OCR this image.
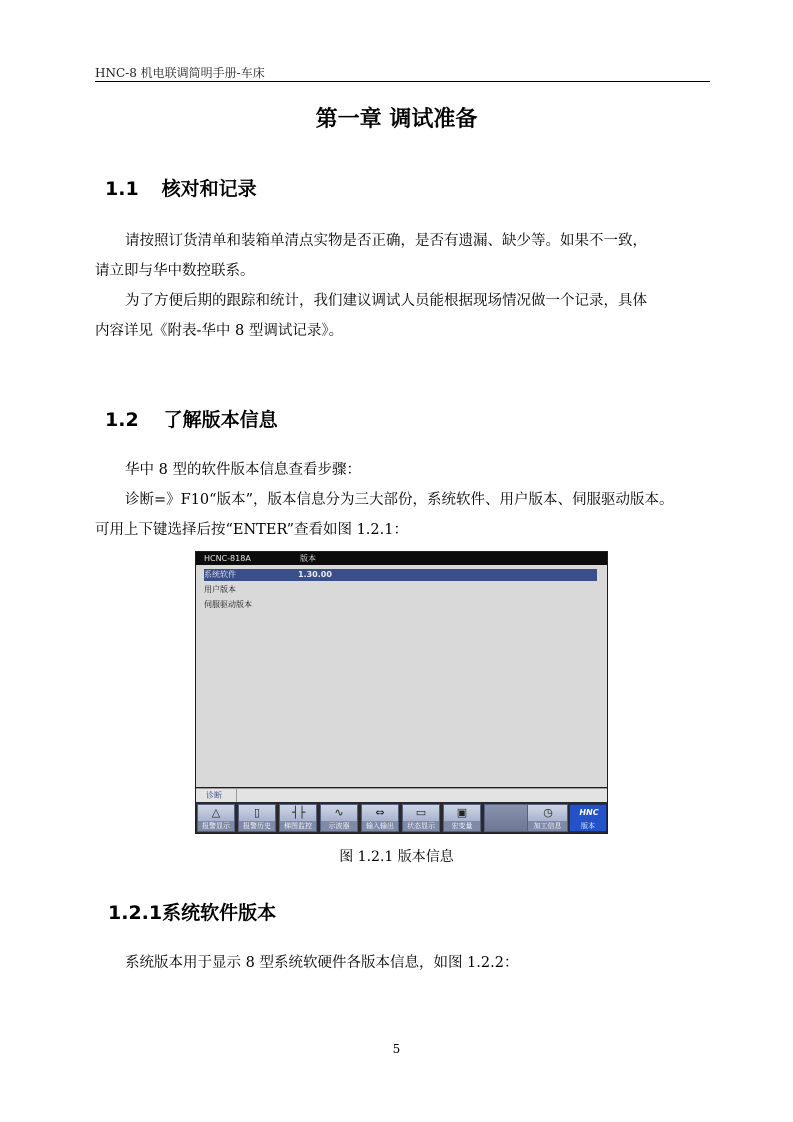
HNC-8 机电联调简明手册-车床
第一章 调试准备
1.1 核对和记录
请按照订货清单和装箱单清点实物是否正确，是否有遗漏、缺少等。如果不一致，
请立即与华中数控联系。
为了方便后期的跟踪和统计，我们建议调试人员能根据现场情况做一个记录，具体
内容详见《附表-华中 8 型调试记录》。
1.2 了解版本信息
华中 8 型的软件版本信息查看步骤：
诊断=》F10“版本”，版本信息分为三大部份，系统软件、用户版本、伺服驱动版本。
可用上下键选择后按“ENTER”查看如图 1.2.1：
HCNC-818A	版本
系统软件	1.30.00
用户版本
伺服驱动版本
诊断
△
报警显示
▯
报警历史
┤├
梯图监控
∿
示波器
⇔
输入输出
▭
状态显示
▣
宏变量
◷
加工信息
HNC
版本
图 1.2.1 版本信息
1.2.1系统软件版本
系统版本用于显示 8 型系统软硬件各版本信息，如图 1.2.2：
5
